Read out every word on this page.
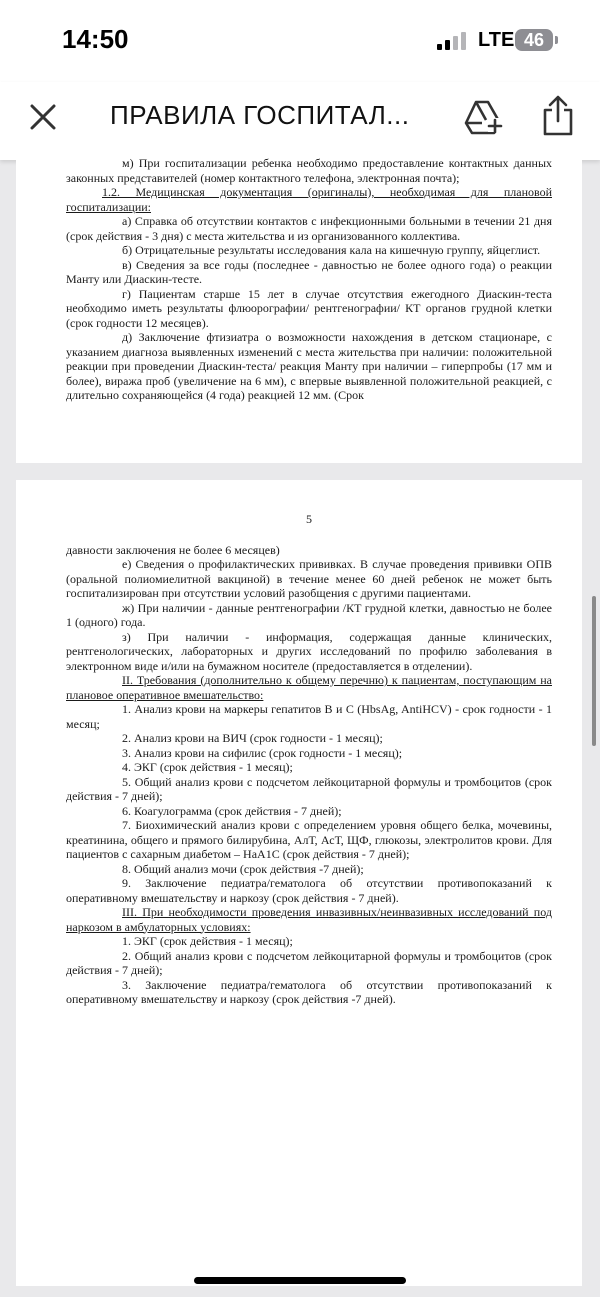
14:50	LTE 46
ПРАВИЛА ГОСПИТАЛ...

м) При госпитализации ребенка необходимо предоставление контактных данных законных представителей (номер контактного телефона, электронная почта);

1.2. Медицинская документация (оригиналы), необходимая для плановой госпитализации:

а) Справка об отсутствии контактов с инфекционными больными в течении 21 дня (срок действия - 3 дня) с места жительства и из организованного коллектива.

б) Отрицательные результаты исследования кала на кишечную группу, яйцеглист.

в) Сведения за все годы (последнее - давностью не более одного года) о реакции Манту или Диаскин-тесте.

г) Пациентам старше 15 лет в случае отсутствия ежегодного Диаскин-теста необходимо иметь результаты флюорографии/ рентгенографии/ КТ органов грудной клетки (срок годности 12 месяцев).

д) Заключение фтизиатра о возможности нахождения в детском стационаре, с указанием диагноза выявленных изменений с места жительства при наличии: положительной реакции при проведении Диаскин-теста/ реакция Манту при наличии – гиперпробы (17 мм и более), виража проб (увеличение на 6 мм), с впервые выявленной положительной реакцией, с длительно сохраняющейся (4 года) реакцией 12 мм. (Срок

5

давности заключения не более 6 месяцев)

е) Сведения о профилактических прививках. В случае проведения прививки ОПВ (оральной полиомиелитной вакциной) в течение менее 60 дней ребенок не может быть госпитализирован при отсутствии условий разобщения с другими пациентами.

ж) При наличии - данные рентгенографии /КТ грудной клетки, давностью не более 1 (одного) года.

з) При наличии - информация, содержащая данные клинических, рентгенологических, лабораторных и других исследований по профилю заболевания в электронном виде и/или на бумажном носителе (предоставляется в отделении).

II. Требования (дополнительно к общему перечню) к пациентам, поступающим на плановое оперативное вмешательство:

1. Анализ крови на маркеры гепатитов В и С (HbsAg, AntiHCV) - срок годности - 1 месяц;

2. Анализ крови на ВИЧ (срок годности - 1 месяц);

3. Анализ крови на сифилис (срок годности - 1 месяц);

4. ЭКГ (срок действия - 1 месяц);

5. Общий анализ крови с подсчетом лейкоцитарной формулы и тромбоцитов (срок действия - 7 дней);

6. Коагулограмма (срок действия - 7 дней);

7. Биохимический анализ крови с определением уровня общего белка, мочевины, креатинина, общего и прямого билирубина, АлТ, АсТ, ЩФ, глюкозы, электролитов крови. Для пациентов с сахарным диабетом – НаА1С (срок действия - 7 дней);

8. Общий анализ мочи (срок действия -7 дней);

9. Заключение педиатра/гематолога об отсутствии противопоказаний к оперативному вмешательству и наркозу (срок действия - 7 дней).

III. При необходимости проведения инвазивных/неинвазивных исследований под наркозом в амбулаторных условиях:

1. ЭКГ (срок действия - 1 месяц);

2. Общий анализ крови с подсчетом лейкоцитарной формулы и тромбоцитов (срок действия - 7 дней);

3. Заключение педиатра/гематолога об отсутствии противопоказаний к оперативному вмешательству и наркозу (срок действия -7 дней).
